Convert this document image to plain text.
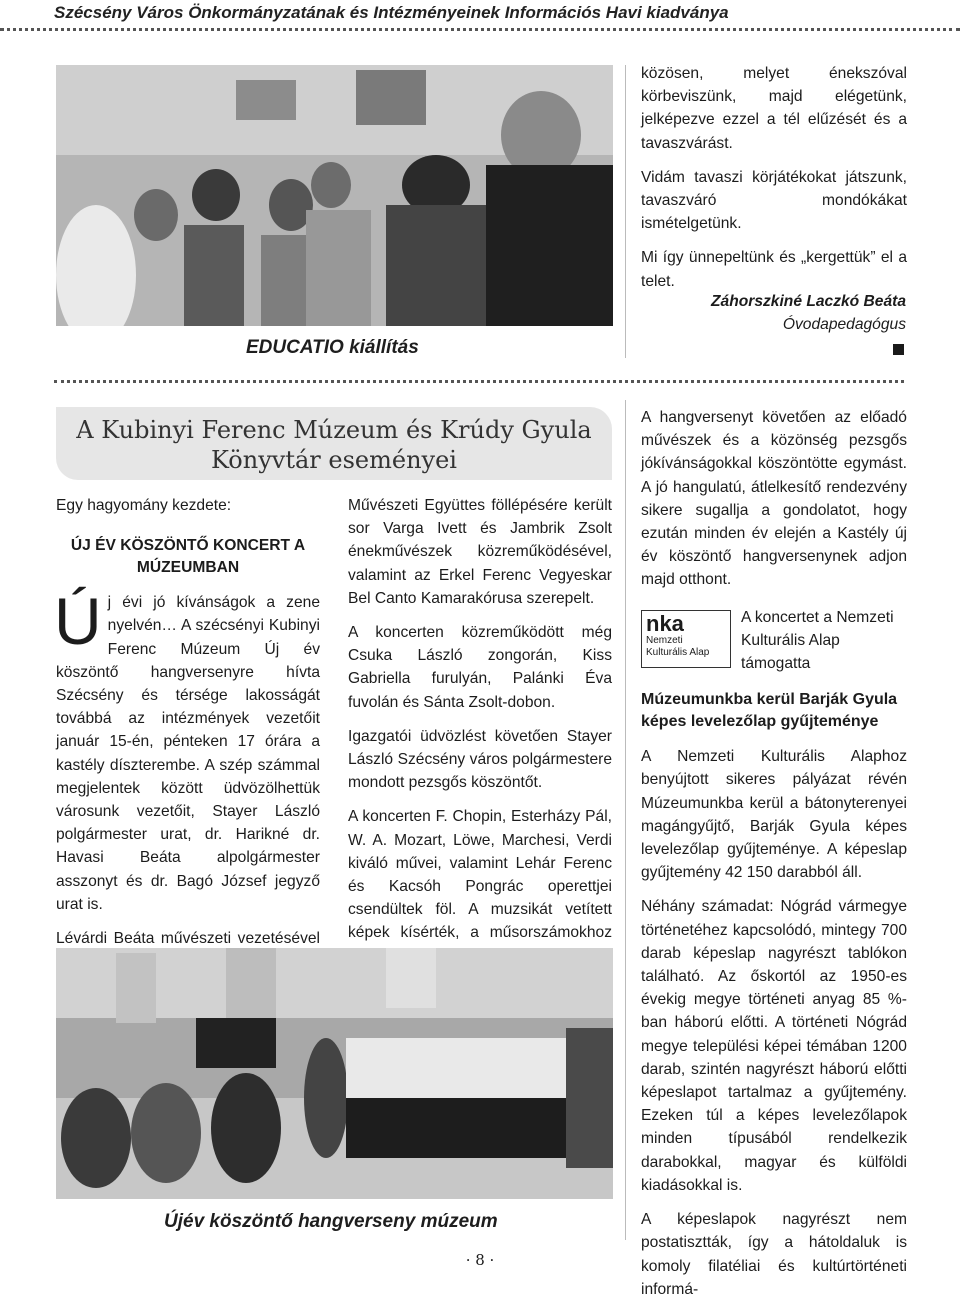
Szécsény Város Önkormányzatának és Intézményeinek Információs Havi kiadványa
EDUCATIO kiállítás

közösen, melyet énekszóval körbeviszünk, majd elégetünk, jelképezve ezzel a tél elűzését és a tavaszvárást.

Vidám tavaszi körjátékokat játszunk, tavaszváró mondókákat ismételgetünk.

Mi így ünnepeltünk és „kergettük” el a telet.

Záhorszkiné Laczkó Beáta
Óvodapedagógus
A Kubinyi Ferenc Múzeum és Krúdy Gyula
Könyvtár eseményei

Egy hagyomány kezdete:

ÚJ ÉV KÖSZÖNTŐ KONCERT A
MÚZEUMBAN

Ú j évi jó kívánságok a zene nyelvén… A szécsényi Kubinyi Ferenc Múzeum Új év köszöntő hangversenyre hívta Szécsény és térsége lakosságát továbbá az intézmények vezetőit január 15-én, pénteken 17 órára a kastély díszterembe. A szép számmal megjelentek között üdvözölhettük városunk vezetőit, Stayer László polgármester urat, dr. Harikné dr. Havasi Beáta alpolgármester asszonyt és dr. Bagó József jegyző urat is.

Lévárdi Beáta művészeti vezetésével

Művészeti Együttes föllépésére került sor Varga Ivett és Jambrik Zsolt énekművészek közreműködésével, valamint az Erkel Ferenc Vegyeskar Bel Canto Kamarakórusa szerepelt.

A koncerten közreműködött még Csuka László zongorán, Kiss Gabriella furulyán, Palánki Éva fuvolán és Sánta Zsolt-dobon.

Igazgatói üdvözlést követően Stayer László Szécsény város polgármestere mondott pezsgős köszöntőt.

A koncerten F. Chopin, Esterházy Pál, W. A. Mozart, Löwe, Marchesi, Verdi kiváló művei, valamint Lehár Ferenc és Kacsóh Pongrác operettjei csendültek föl. A muzsikát vetített képek kísérték, a műsorszámokhoz

Újév köszöntő hangverseny múzeum

A hangversenyt követően az előadó művészek és a közönség pezsgős jókívánságokkal köszöntötte egymást. A jó hangulatú, átlelkesítő rendezvény sikere sugallja a gondolatot, hogy ezután minden év elején a Kastély új év köszöntő hangversenynek adjon majd otthont.

nka
Nemzeti
Kulturális Alap
A koncertet a Nemzeti Kulturális Alap támogatta
Múzeumunkba kerül Barják Gyula képes levelezőlap gyűjteménye

A Nemzeti Kulturális Alaphoz benyújtott sikeres pályázat révén Múzeumunkba kerül a bátonyterenyei magángyűjtő, Barják Gyula képes levelezőlap gyűjteménye. A képeslap gyűjtemény 42 150 darabból áll.

Néhány számadat: Nógrád vármegye történetéhez kapcsolódó, mintegy 700 darab képeslap nagyrészt tablókon található. Az őskortól az 1950-es évekig megye történeti anyag 85 %-ban háború előtti. A történeti Nógrád megye települési képei témában 1200 darab, szintén nagyrészt háború előtti képeslapot tartalmaz a gyűjtemény. Ezeken túl a képes levelezőlapok minden típusából rendelkezik darabokkal, magyar és külföldi kiadásokkal is.

A képeslapok nagyrészt nem postatisztták, így a hátoldaluk is komoly filatéliai és kultúrtörténeti informá-

· 8 ·
